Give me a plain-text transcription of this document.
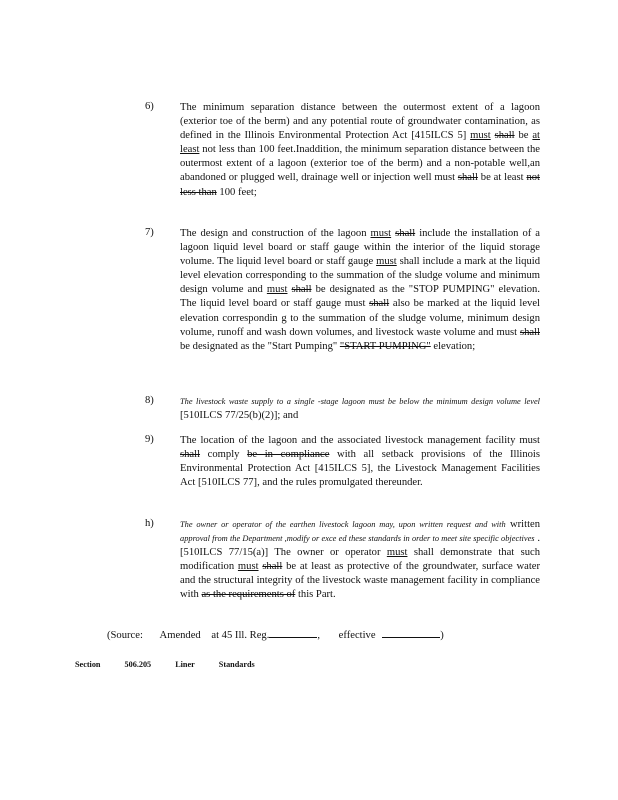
6)	The minimum separation distance between the outermost extent of a lagoon (exterior toe of the berm) and any potential route of groundwater contamination, as defined in the Illinois Environmental Protection Act [415ILCS 5] must shall be at least not less than 100 feet.Inaddition, the minimum separation distance between the outermost extent of a lagoon (exterior toe of the berm) and a non-potable well,an abandoned or plugged well, drainage well or injection well must shall be at least not less than 100 feet;
7)	The design and construction of the lagoon must shall include the installation of a lagoon liquid level board or staff gauge within the interior of the liquid storage volume. The liquid level board or staff gauge must shall include a mark at the liquid level elevation corresponding to the summation of the sludge volume and minimum design volume and must shall be designated as the "STOP PUMPING" elevation. The liquid level board or staff gauge must shall also be marked at the liquid level elevation correspondin g to the summation of the sludge volume, minimum design volume, runoff and wash down volumes, and livestock waste volume and must shall be designated as the "Start Pumping" "START PUMPING" elevation;
8)	The livestock waste supply to a single -stage lagoon must be below the minimum design volume level [510ILCS 77/25(b)(2)]; and
9)	The location of the lagoon and the associated livestock management facility must shall comply be in compliance with all setback provisions of the Illinois Environmental Protection Act [415ILCS 5], the Livestock Management Facilities Act [510ILCS 77], and the rules promulgated thereunder.
h)	The owner or operator of the earthen livestock lagoon may, upon written request and with written approval from the Department ,modify or exce ed these standards in order to meet site specific objectives . [510ILCS 77/15(a)] The owner or operator must shall demonstrate that such modification must shall be at least as protective of the groundwater, surface water and the structural integrity of the livestock waste management facility in compliance with as the requirements of this Part.
(Source: Amended at 45 Ill. Reg.	, effective	)
Section	506.205	Liner	Standards
